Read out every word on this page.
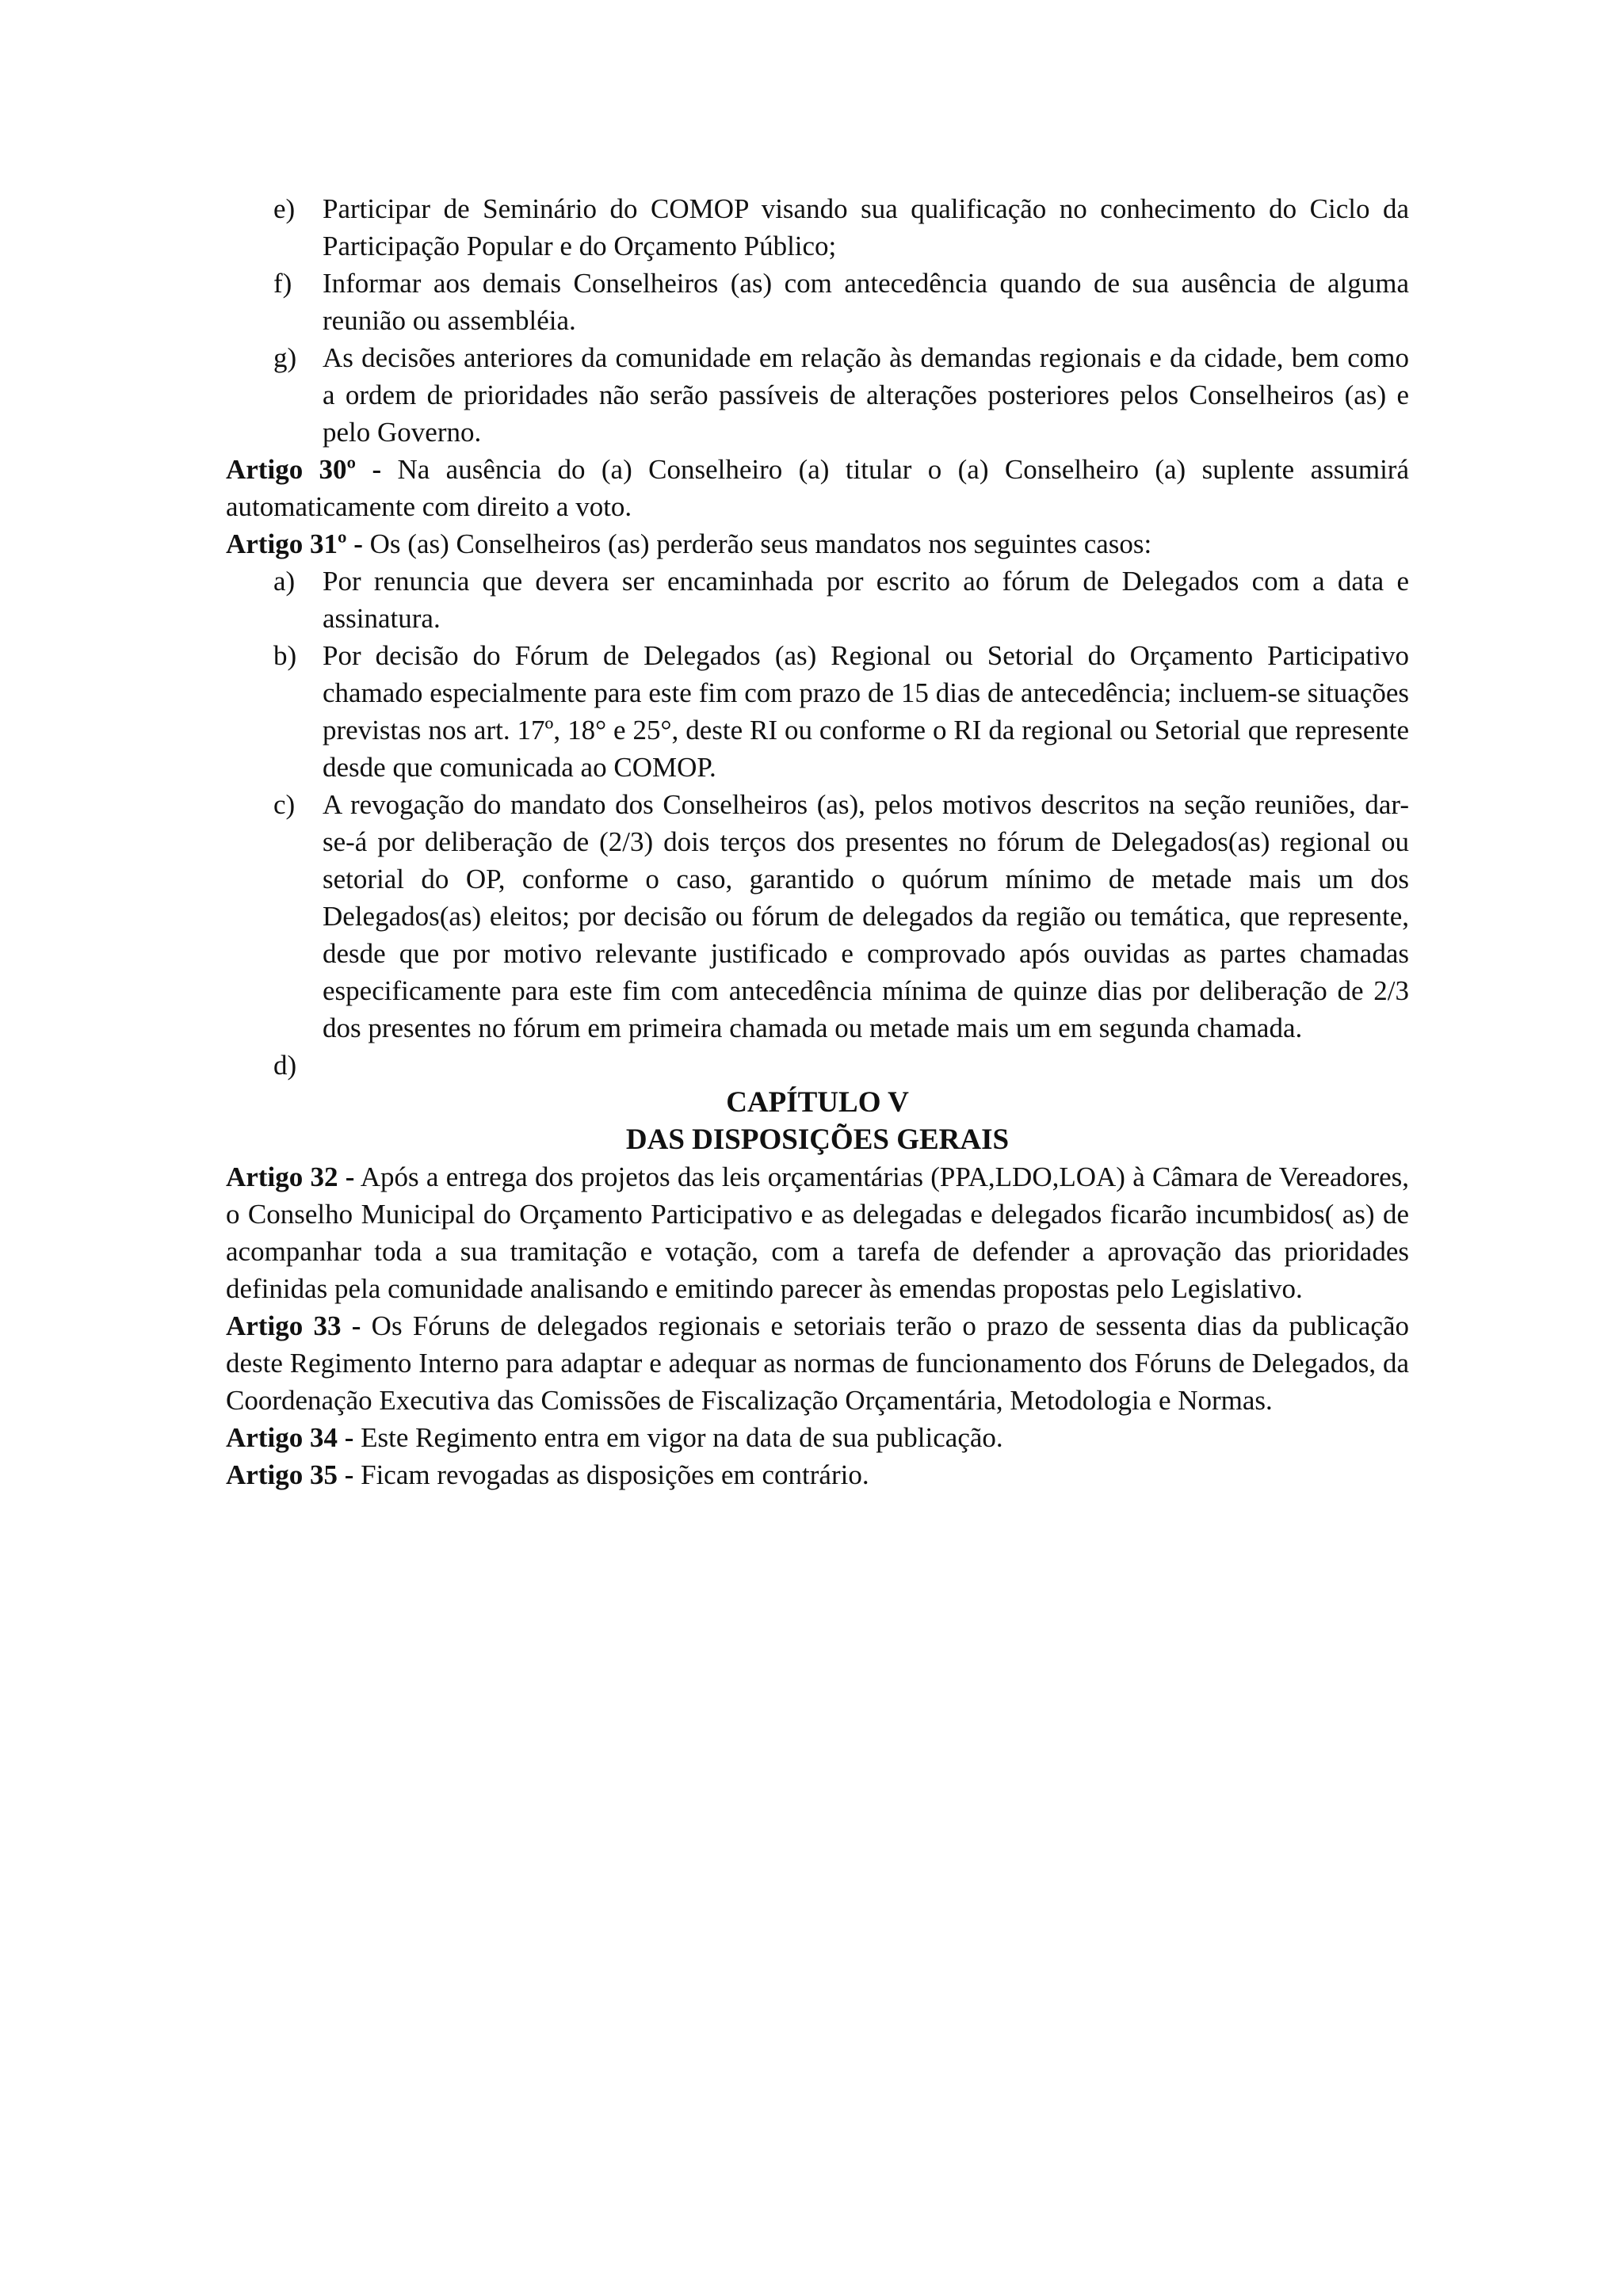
e) Participar de Seminário do COMOP visando sua qualificação no conhecimento do Ciclo da Participação Popular e do Orçamento Público;
f)	Informar aos demais Conselheiros (as) com antecedência quando de sua ausência de alguma reunião ou assembléia.
g) As decisões anteriores da comunidade em relação às demandas regionais e da cidade, bem como a ordem de prioridades não serão passíveis de alterações posteriores pelos Conselheiros (as) e pelo Governo.
Artigo 30º - Na ausência do (a) Conselheiro (a) titular o (a) Conselheiro (a) suplente assumirá automaticamente com direito a voto.
Artigo 31º - Os (as) Conselheiros (as) perderão seus mandatos nos seguintes casos:
a) Por renuncia que devera ser encaminhada por escrito ao fórum de Delegados com a data e assinatura.
b) Por decisão do Fórum de Delegados (as) Regional ou Setorial do Orçamento Participativo chamado especialmente para este fim com prazo de 15 dias de antecedência; incluem-se situações previstas nos art. 17º, 18° e 25°, deste RI ou conforme o RI da regional ou Setorial que represente desde que comunicada ao COMOP.
c) A revogação do mandato dos Conselheiros (as), pelos motivos descritos na seção reuniões, dar-se-á por deliberação de (2/3) dois terços dos presentes no fórum de Delegados(as) regional ou setorial do OP, conforme o caso, garantido o quórum mínimo de metade mais um dos Delegados(as) eleitos; por decisão ou fórum de delegados da região ou temática, que represente, desde que por motivo relevante justificado e comprovado após ouvidas as partes chamadas especificamente para este fim com antecedência mínima de quinze dias por deliberação de 2/3 dos presentes no fórum em primeira chamada ou metade mais um em segunda chamada.
d)
CAPÍTULO V
DAS DISPOSIÇÕES GERAIS
Artigo 32 - Após a entrega dos projetos das leis orçamentárias (PPA,LDO,LOA) à Câmara de Vereadores, o Conselho Municipal do Orçamento Participativo e as delegadas e delegados ficarão incumbidos( as) de acompanhar toda a sua tramitação e votação, com a tarefa de defender a aprovação das prioridades definidas pela comunidade analisando e emitindo parecer às emendas propostas pelo Legislativo.
Artigo 33 - Os Fóruns de delegados regionais e setoriais terão o prazo de sessenta dias da publicação deste Regimento Interno para adaptar e adequar as normas de funcionamento dos Fóruns de Delegados, da Coordenação Executiva das Comissões de Fiscalização Orçamentária, Metodologia e Normas.
Artigo 34 - Este Regimento entra em vigor na data de sua publicação.
Artigo 35 - Ficam revogadas as disposições em contrário.
